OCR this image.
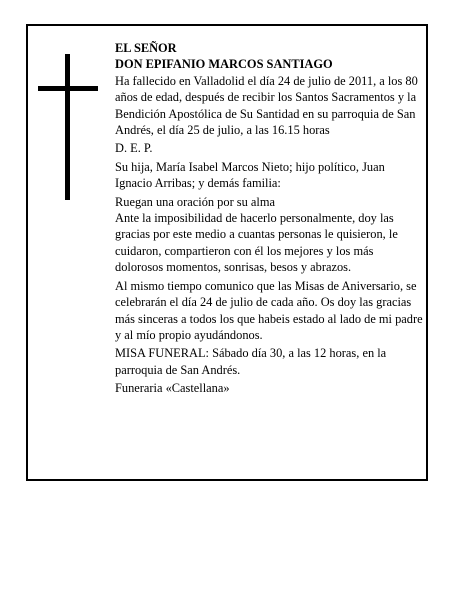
EL SEÑOR

DON EPIFANIO MARCOS SANTIAGO

Ha fallecido en Valladolid el día 24 de julio de 2011, a los 80 años de edad, después de recibir los Santos Sacramentos y la Bendición Apostólica de Su Santidad en su parroquia de San Andrés, el día 25 de julio, a las 16.15 horas

D. E. P.

Su hija, María Isabel Marcos Nieto; hijo político, Juan Ignacio Arribas; y demás familia:

Ruegan una oración por su alma

Ante la imposibilidad de hacerlo personalmente, doy las gracias por este medio a cuantas personas le quisieron, le cuidaron, compartieron con él los mejores y los más dolorosos momentos, sonrisas, besos y abrazos.

Al mismo tiempo comunico que las Misas de Aniversario, se celebrarán el día 24 de julio de cada año. Os doy las gracias más sinceras a todos los que habeis estado al lado de mi padre y al mío propio ayudándonos.

MISA FUNERAL: Sábado día 30, a las 12 horas, en la parroquia de San Andrés.

Funeraria «Castellana»
